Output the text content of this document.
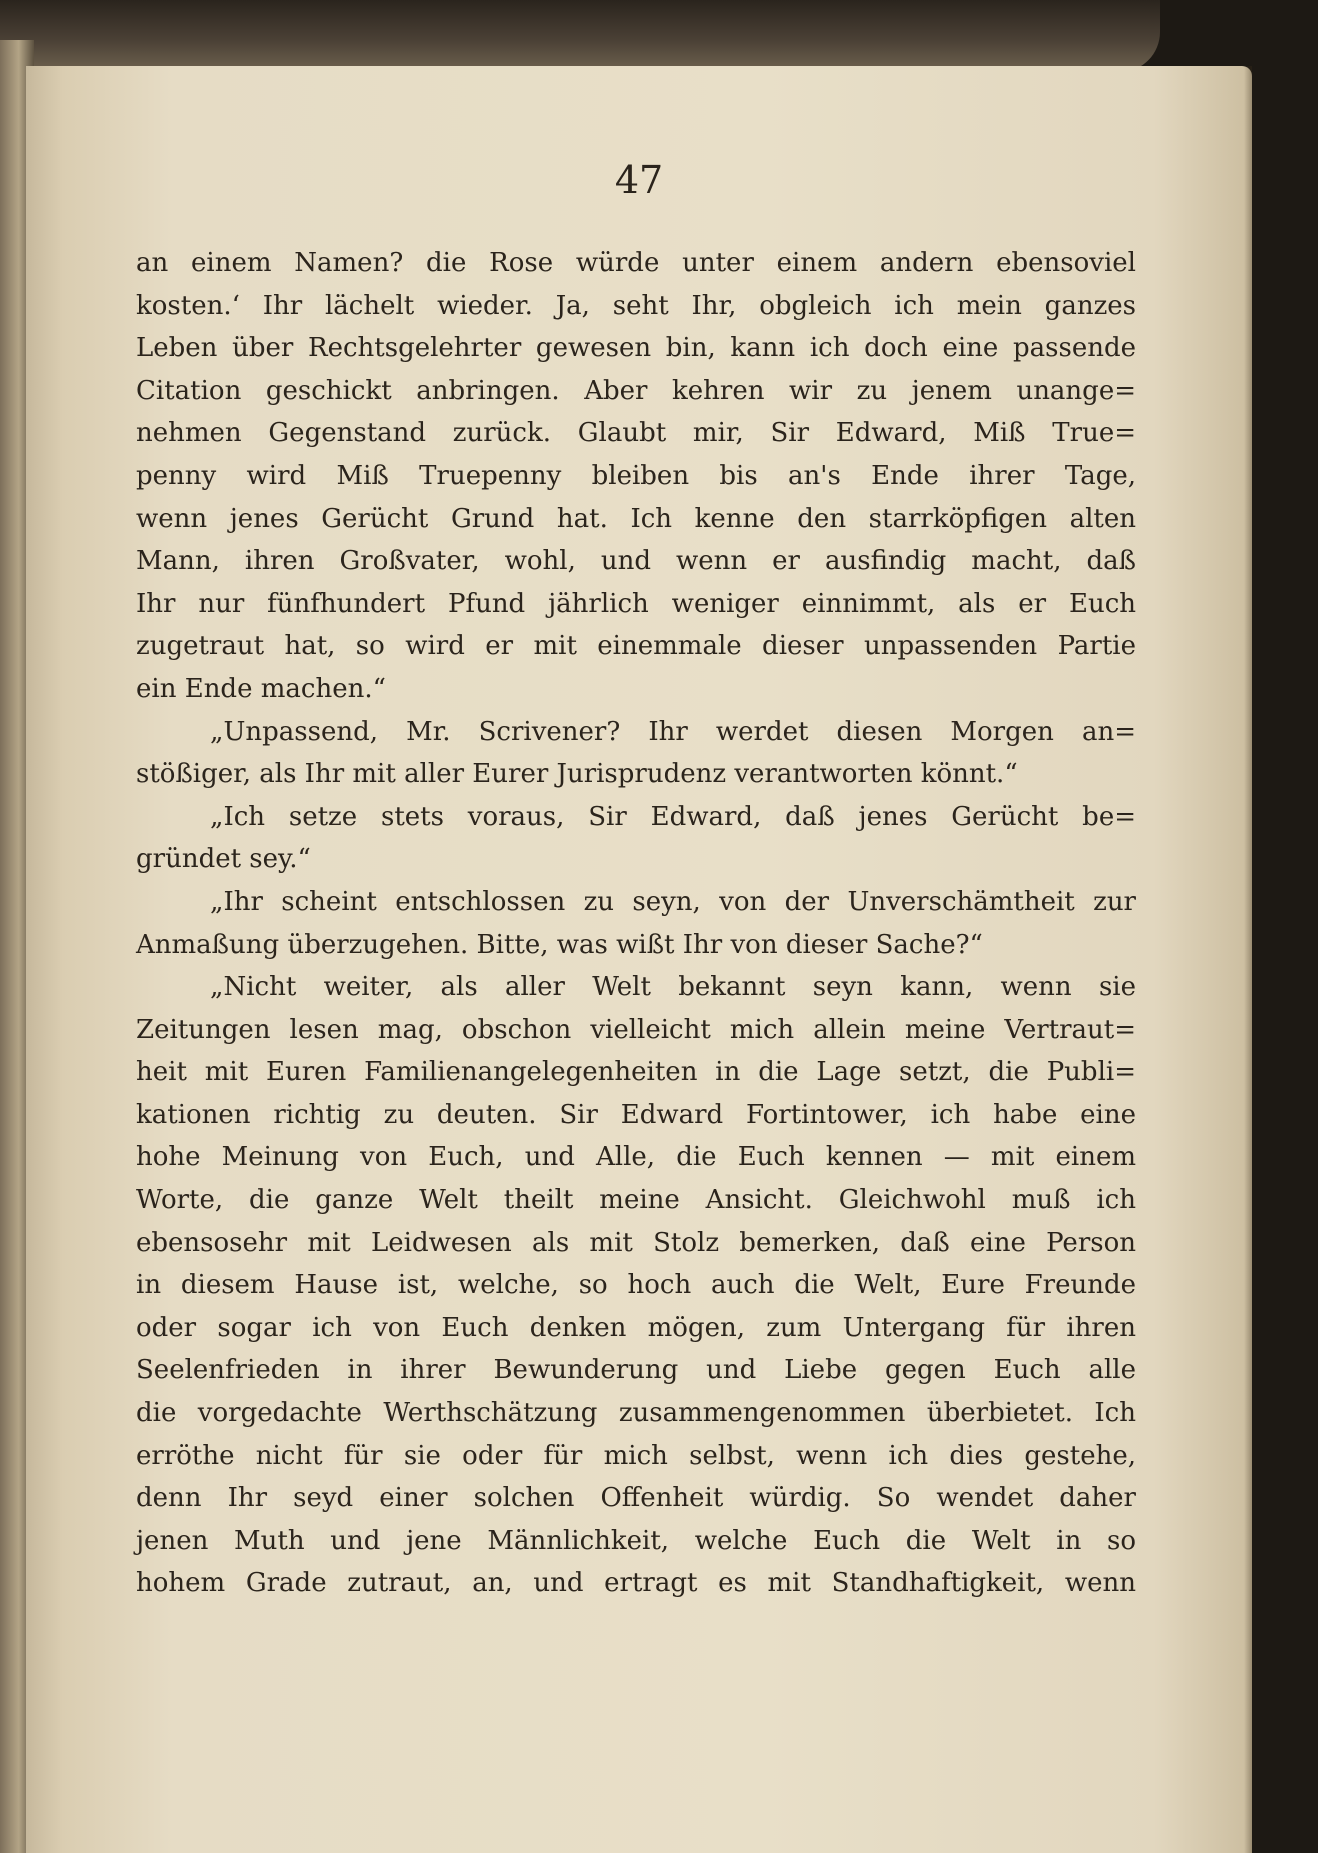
47
an einem Namen? die Rose würde unter einem andern ebensoviel
kosten.‘ Ihr lächelt wieder. Ja, seht Ihr, obgleich ich mein ganzes
Leben über Rechtsgelehrter gewesen bin, kann ich doch eine passende
Citation geschickt anbringen. Aber kehren wir zu jenem unange=
nehmen Gegenstand zurück. Glaubt mir, Sir Edward, Miß True=
penny wird Miß Truepenny bleiben bis an's Ende ihrer Tage,
wenn jenes Gerücht Grund hat. Ich kenne den starrköpfigen alten
Mann, ihren Großvater, wohl, und wenn er ausfindig macht, daß
Ihr nur fünfhundert Pfund jährlich weniger einnimmt, als er Euch
zugetraut hat, so wird er mit einemmale dieser unpassenden Partie
ein Ende machen.“
„Unpassend, Mr. Scrivener? Ihr werdet diesen Morgen an=
stößiger, als Ihr mit aller Eurer Jurisprudenz verantworten könnt.“
„Ich setze stets voraus, Sir Edward, daß jenes Gerücht be=
gründet sey.“
„Ihr scheint entschlossen zu seyn, von der Unverschämtheit zur
Anmaßung überzugehen. Bitte, was wißt Ihr von dieser Sache?“
„Nicht weiter, als aller Welt bekannt seyn kann, wenn sie
Zeitungen lesen mag, obschon vielleicht mich allein meine Vertraut=
heit mit Euren Familienangelegenheiten in die Lage setzt, die Publi=
kationen richtig zu deuten. Sir Edward Fortintower, ich habe eine
hohe Meinung von Euch, und Alle, die Euch kennen — mit einem
Worte, die ganze Welt theilt meine Ansicht. Gleichwohl muß ich
ebensosehr mit Leidwesen als mit Stolz bemerken, daß eine Person
in diesem Hause ist, welche, so hoch auch die Welt, Eure Freunde
oder sogar ich von Euch denken mögen, zum Untergang für ihren
Seelenfrieden in ihrer Bewunderung und Liebe gegen Euch alle
die vorgedachte Werthschätzung zusammengenommen überbietet. Ich
erröthe nicht für sie oder für mich selbst, wenn ich dies gestehe,
denn Ihr seyd einer solchen Offenheit würdig. So wendet daher
jenen Muth und jene Männlichkeit, welche Euch die Welt in so
hohem Grade zutraut, an, und ertragt es mit Standhaftigkeit, wenn
